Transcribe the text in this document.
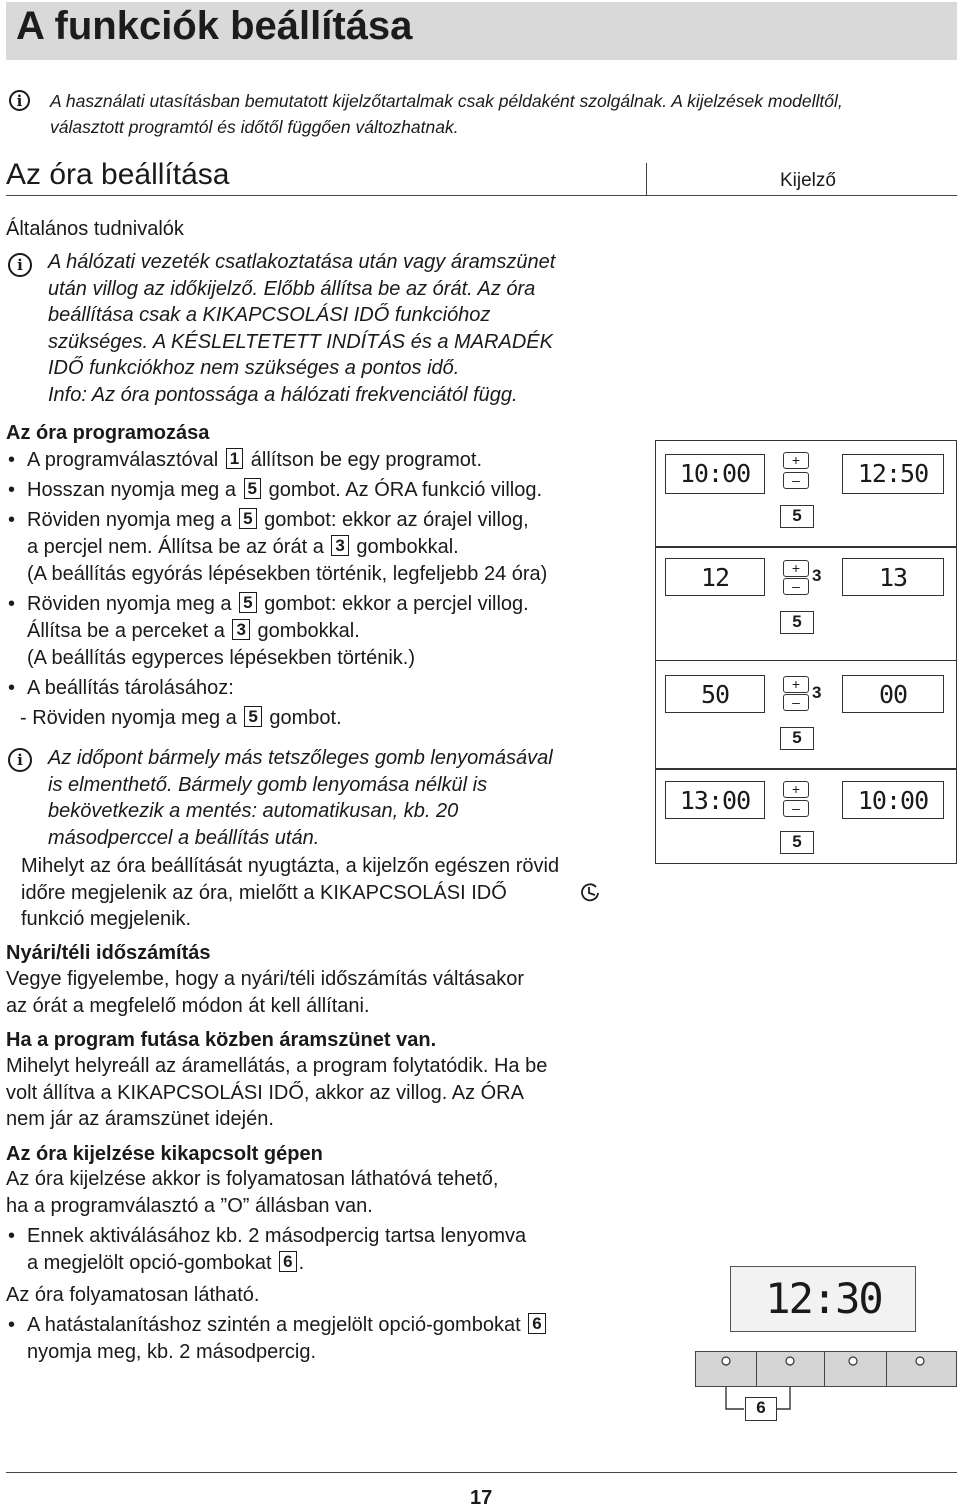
A funkciók beállítása
i	A használati utasításban bemutatott kijelzőtartalmak csak példaként szolgálnak. A kijelzések modelltől,
választott programtól és időtől függően változhatnak.
Az óra beállítása	Kijelző
Általános tudnivalók
i	A hálózati vezeték csatlakoztatása után vagy áramszünet
után villog az időkijelző. Előbb állítsa be az órát. Az óra
beállítása csak a KIKAPCSOLÁSI IDŐ funkcióhoz
szükséges. A KÉSLELTETETT INDÍTÁS és a MARADÉK
IDŐ funkciókhoz nem szükséges a pontos idő.
Info: Az óra pontossága a hálózati frekvenciától függ.
Az óra programozása
• A programválasztóval 1 állítson be egy programot.
• Hosszan nyomja meg a 5 gombot. Az ÓRA funkció villog.
• Röviden nyomja meg a 5 gombot: ekkor az órajel villog,
a percjel nem. Állítsa be az órát a 3 gombokkal.
(A beállítás egyórás lépésekben történik, legfeljebb 24 óra)
• Röviden nyomja meg a 5 gombot: ekkor a percjel villog.
Állítsa be a perceket a 3 gombokkal.
(A beállítás egyperces lépésekben történik.)
• A beállítás tárolásához:
- Röviden nyomja meg a 5 gombot.
i	Az időpont bármely más tetszőleges gomb lenyomásával
is elmenthető. Bármely gomb lenyomása nélkül is
bekövetkezik a mentés: automatikusan, kb. 20
másodperccel a beállítás után.
Mihelyt az óra beállítását nyugtázta, a kijelzőn egészen rövid
időre megjelenik az óra, mielőtt a KIKAPCSOLÁSI IDŐ
funkció megjelenik.
Nyári/téli időszámítás
Vegye figyelembe, hogy a nyári/téli időszámítás váltásakor
az órát a megfelelő módon át kell állítani.
Ha a program futása közben áramszünet van.
Mihelyt helyreáll az áramellátás, a program folytatódik. Ha be
volt állítva a KIKAPCSOLÁSI IDŐ, akkor az villog. Az ÓRA
nem jár az áramszünet idején.
Az óra kijelzése kikapcsolt gépen
Az óra kijelzése akkor is folyamatosan láthatóvá tehető,
ha a programválasztó a ”O” állásban van.
• Ennek aktiválásához kb. 2 másodpercig tartsa lenyomva
a megjelölt opció-gombokat 6 .
Az óra folyamatosan látható.
• A hatástalanításhoz szintén a megjelölt opció-gombokat 6
nyomja meg, kb. 2 másodpercig.
10:00	+
–	12:50
5
12	+
–
3	13
5
50	+
– 3	00
5
13:00	+
–	10:00
5
12:30
6
17
